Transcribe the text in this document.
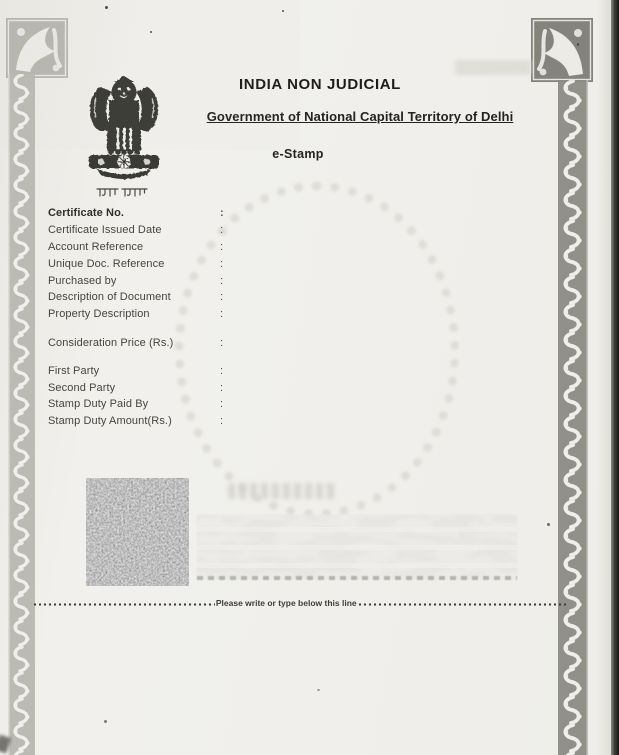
INDIA NON JUDICIAL
Government of National Capital Territory of Delhi
e-Stamp
Certificate No.	:
Certificate Issued Date	:
Account Reference	:
Unique Doc. Reference	:
Purchased by	:
Description of Document	:
Property Description	:
Consideration Price (Rs.)	:
First Party	:
Second Party	:
Stamp Duty Paid By	:
Stamp Duty Amount(Rs.)	:
Please write or type below this line
